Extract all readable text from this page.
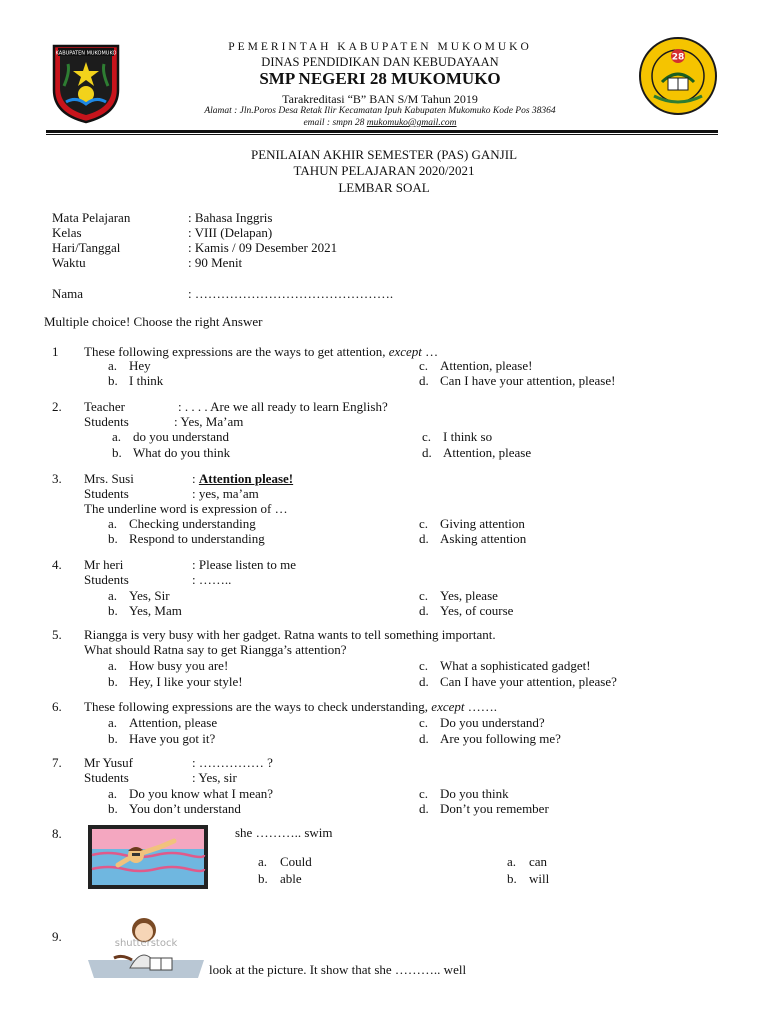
KABUPATEN MUKOMUKO
PEMERINTAH KABUPATEN MUKOMUKO
DINAS PENDIDIKAN DAN KEBUDAYAAN
SMP NEGERI 28 MUKOMUKO
Tarakreditasi “B” BAN S/M Tahun 2019
Alamat : Jln.Poros Desa Retak Ilir Kecamatan Ipuh Kabupaten Mukomuko Kode Pos 38364
email : smpn 28 mukomuko@gmail.com
28
PENILAIAN AKHIR SEMESTER (PAS) GANJIL
TAHUN PELAJARAN 2020/2021
LEMBAR SOAL
Mata Pelajaran	: Bahasa Inggris
Kelas	: VIII (Delapan)
Hari/Tanggal	: Kamis / 09 Desember 2021
Waktu	: 90 Menit
Nama	: ……………………………………….
Multiple choice! Choose the right Answer
1 These following expressions are the ways to get attention, except …
a. Hey
b. I think
c. Attention, please!
d. Can I have your attention, please!
2. Teacher	: . . . . Are we all ready to learn English?
Students	: Yes, Ma’am
a. do you understand
b. What do you think
c. I think so
d. Attention, please
3. Mrs. Susi	: Attention please!
Students	: yes, ma’am
The underline word is expression of …
a. Checking understanding
b. Respond to understanding
c. Giving attention
d. Asking attention
4. Mr heri	: Please listen to me
Students	: ……..
a. Yes, Sir
b. Yes, Mam
c. Yes, please
d. Yes, of course
5. Riangga is very busy with her gadget. Ratna wants to tell something important.
What should Ratna say to get Riangga’s attention?
a. How busy you are!
b. Hey, I like your style!
c. What a sophisticated gadget!
d. Can I have your attention, please?
6. These following expressions are the ways to check understanding, except …….
a. Attention, please
b. Have you got it?
c. Do you understand?
d. Are you following me?
7. Mr Yusuf	: …………… ?
Students	: Yes, sir
a. Do you know what I mean?
b. You don’t understand
c. Do you think
d. Don’t you remember
8.	she ……….. swim
a. Could
b. able
a. can
b. will
9.	shutterstock
look at the picture. It show that she ……….. well
